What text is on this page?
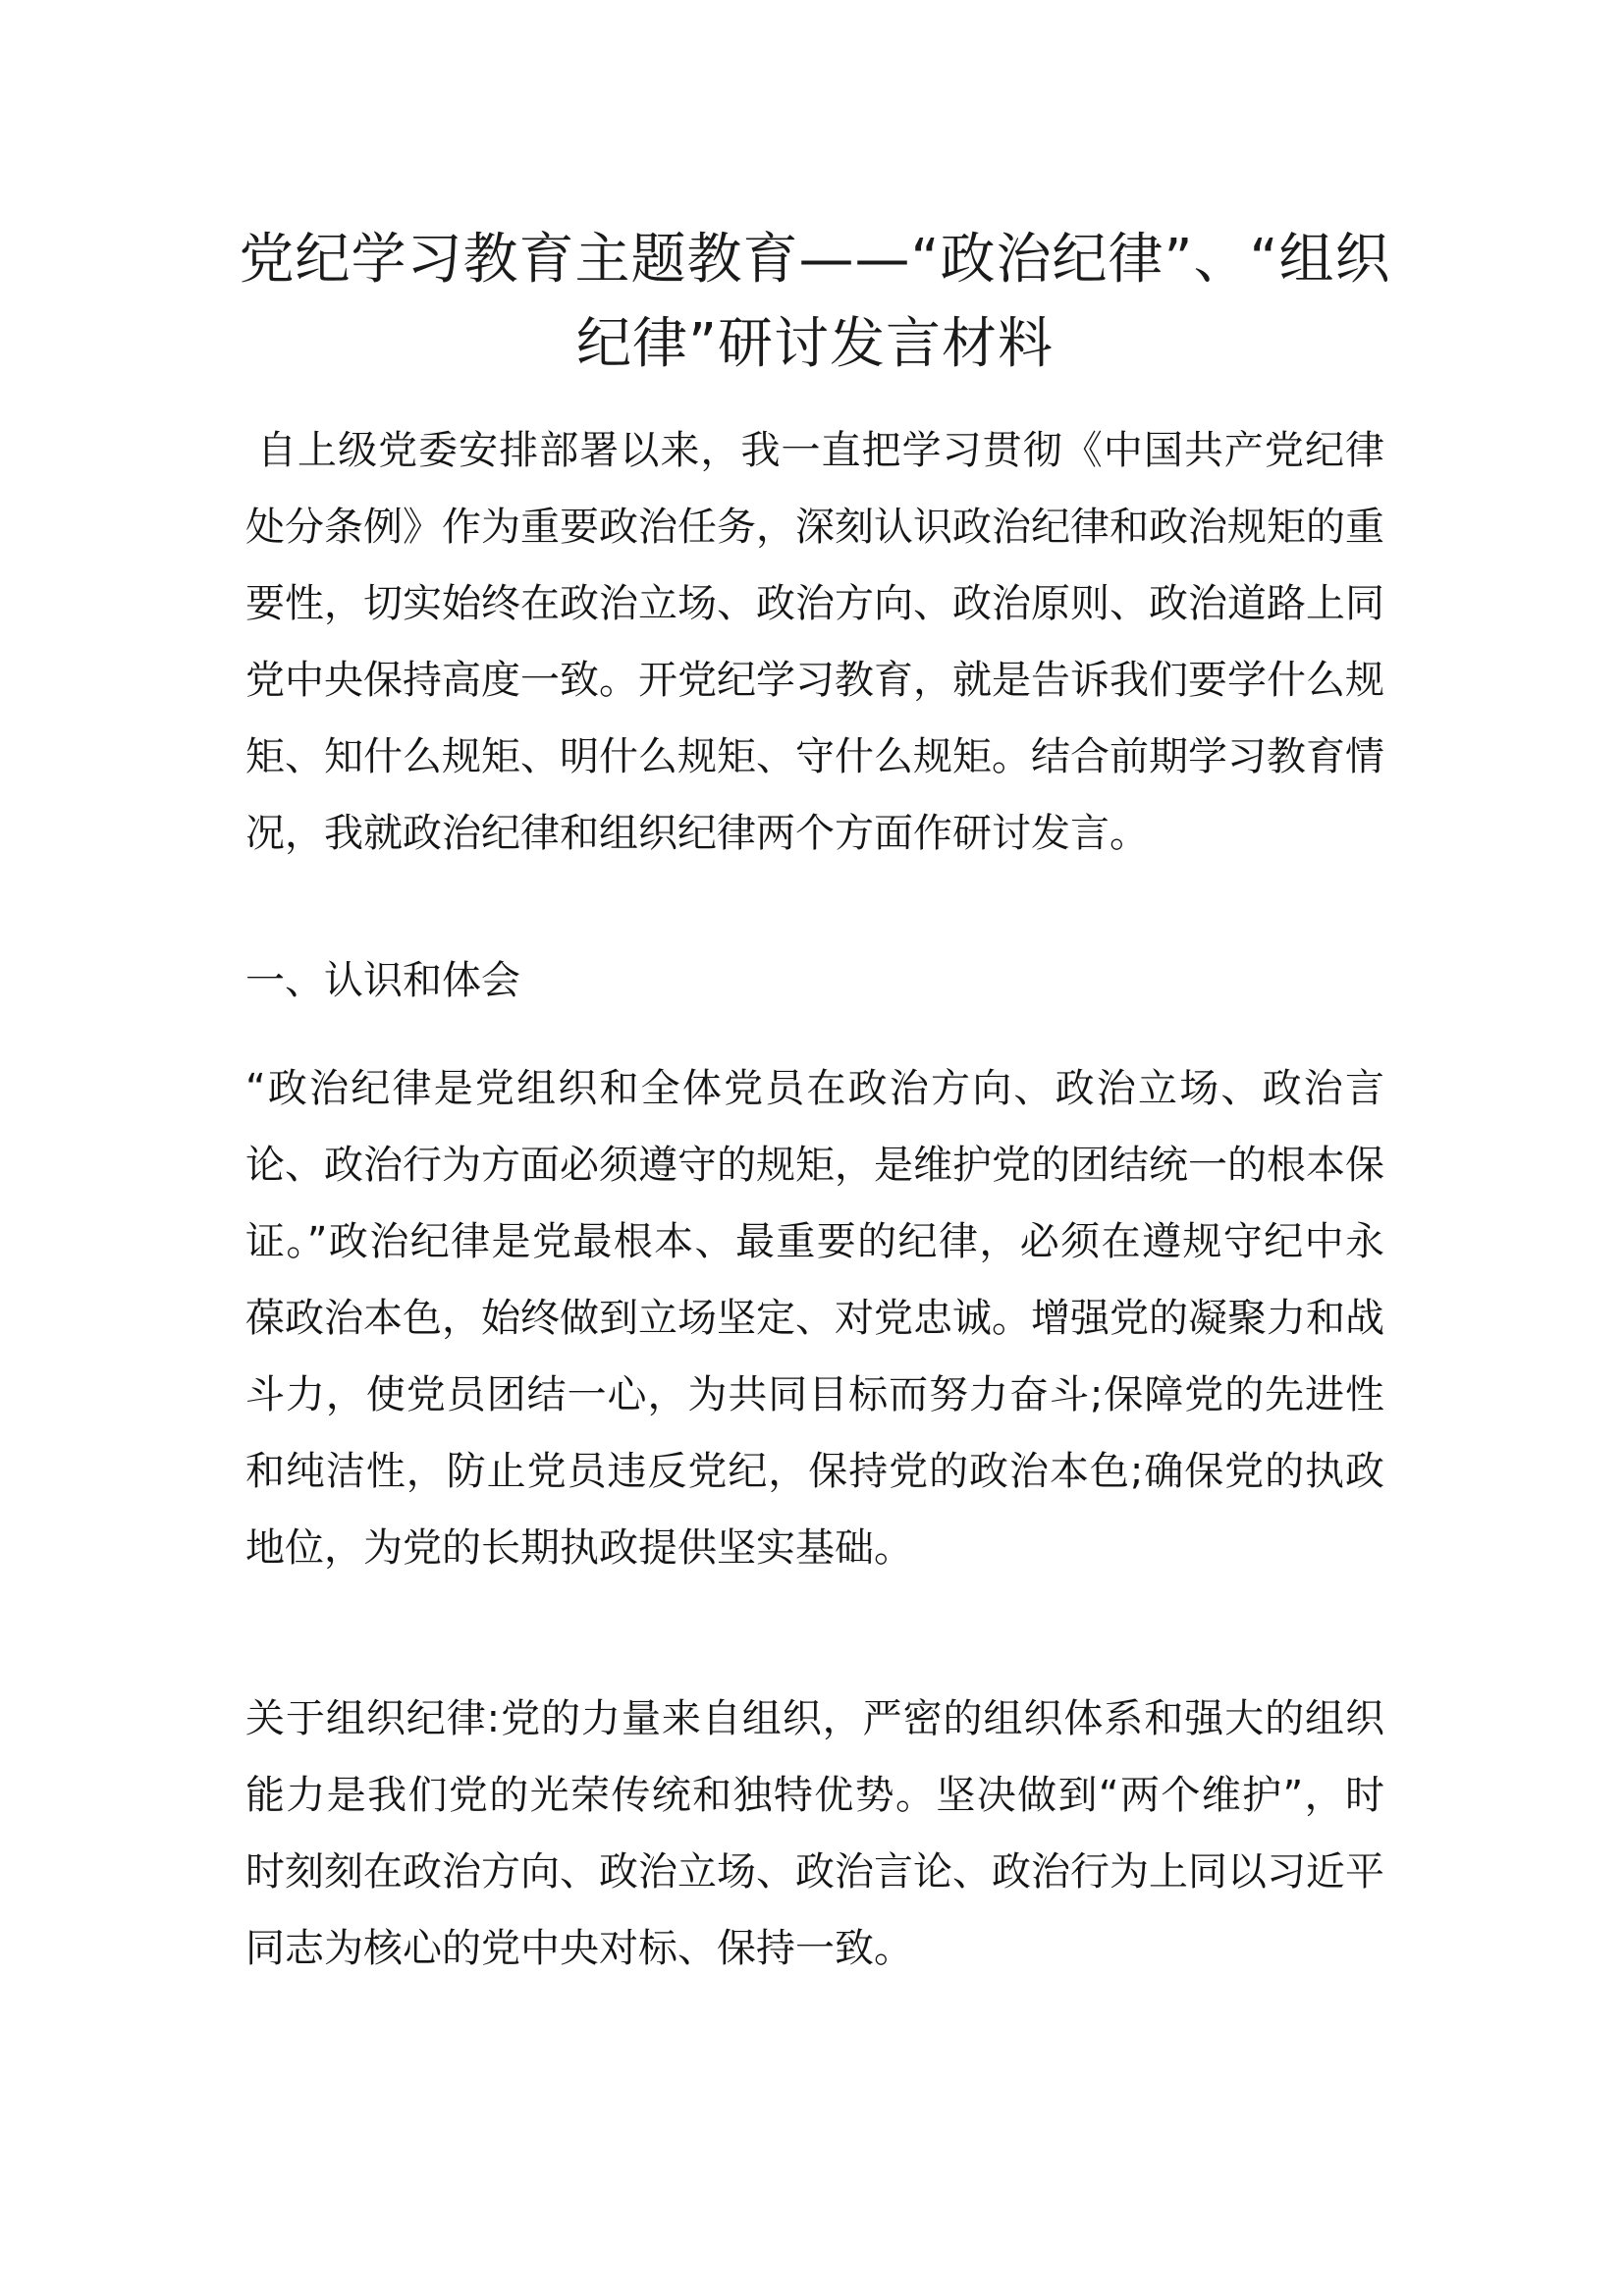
党纪学习教育主题教育——“政治纪律”、“组织纪律”研讨发言材料

自上级党委安排部署以来，我一直把学习贯彻《中国共产党纪律处分条例》作为重要政治任务，深刻认识政治纪律和政治规矩的重要性，切实始终在政治立场、政治方向、政治原则、政治道路上同党中央保持高度一致。开党纪学习教育，就是告诉我们要学什么规矩、知什么规矩、明什么规矩、守什么规矩。结合前期学习教育情况，我就政治纪律和组织纪律两个方面作研讨发言。

一、认识和体会

“政治纪律是党组织和全体党员在政治方向、政治立场、政治言论、政治行为方面必须遵守的规矩，是维护党的团结统一的根本保证。”政治纪律是党最根本、最重要的纪律，必须在遵规守纪中永葆政治本色，始终做到立场坚定、对党忠诚。增强党的凝聚力和战斗力，使党员团结一心，为共同目标而努力奋斗;保障党的先进性和纯洁性，防止党员违反党纪，保持党的政治本色;确保党的执政地位，为党的长期执政提供坚实基础。

关于组织纪律:党的力量来自组织，严密的组织体系和强大的组织能力是我们党的光荣传统和独特优势。坚决做到“两个维护”，时时刻刻在政治方向、政治立场、政治言论、政治行为上同以习近平同志为核心的党中央对标、保持一致。
